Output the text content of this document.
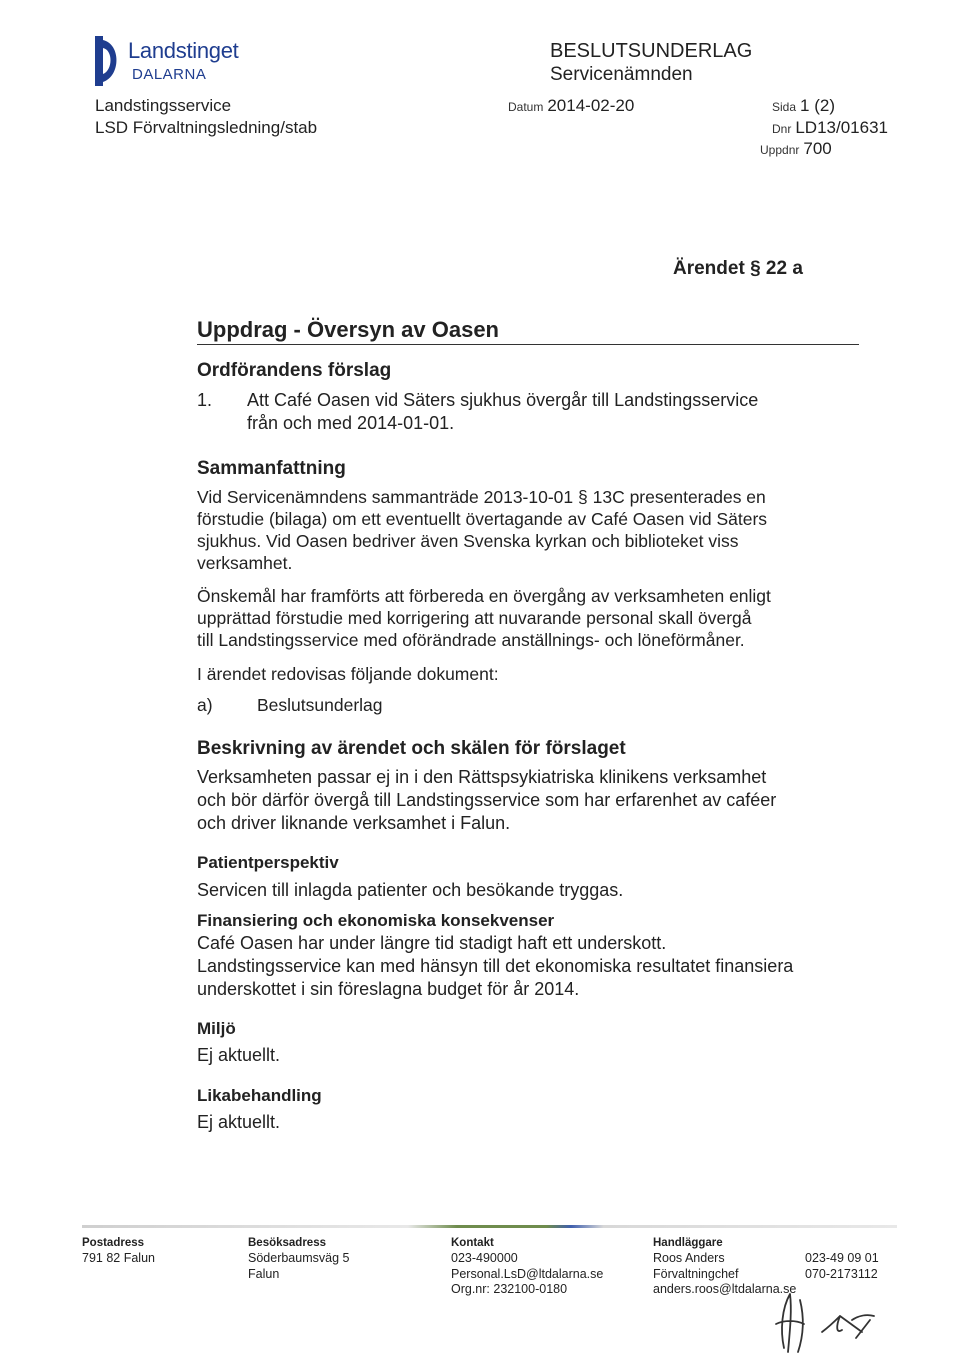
Landstinget
DALARNA
Landstingsservice
LSD Förvaltningsledning/stab
BESLUTSUNDERLAG
Servicenämnden
Datum 2014-02-20	Sida 1 (2)
Dnr LD13/01631
Uppdnr 700
Ärendet § 22 a
Uppdrag - Översyn av Oasen
Ordförandens förslag
1. Att Café Oasen vid Säters sjukhus övergår till Landstingsservice
från och med 2014-01-01.
Sammanfattning
Vid Servicenämndens sammanträde 2013-10-01 § 13C presenterades en
förstudie (bilaga) om ett eventuellt övertagande av Café Oasen vid Säters
sjukhus. Vid Oasen bedriver även Svenska kyrkan och biblioteket viss
verksamhet.
Önskemål har framförts att förbereda en övergång av verksamheten enligt
upprättad förstudie med korrigering att nuvarande personal skall övergå
till Landstingsservice med oförändrade anställnings- och löneförmåner.
I ärendet redovisas följande dokument:
a)	Beslutsunderlag
Beskrivning av ärendet och skälen för förslaget
Verksamheten passar ej in i den Rättspsykiatriska klinikens verksamhet
och bör därför övergå till Landstingsservice som har erfarenhet av caféer
och driver liknande verksamhet i Falun.
Patientperspektiv
Servicen till inlagda patienter och besökande tryggas.
Finansiering och ekonomiska konsekvenser
Café Oasen har under längre tid stadigt haft ett underskott.
Landstingsservice kan med hänsyn till det ekonomiska resultatet finansiera
underskottet i sin föreslagna budget för år 2014.
Miljö
Ej aktuellt.
Likabehandling
Ej aktuellt.
Postadress
791 82 Falun
Besöksadress
Söderbaumsväg 5
Falun
Kontakt
023-490000
Personal.LsD@ltdalarna.se
Org.nr: 232100-0180
Handläggare
Roos Anders
Förvaltningchef
anders.roos@ltdalarna.se
023-49 09 01
070-2173112
